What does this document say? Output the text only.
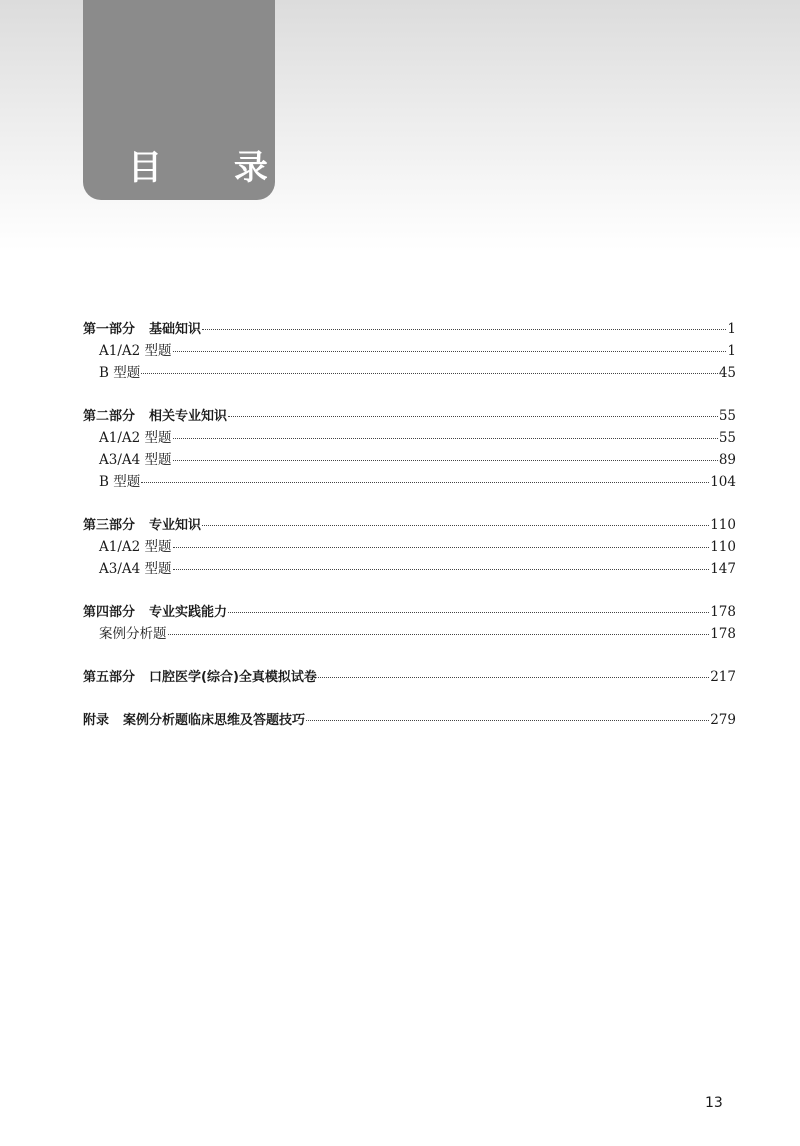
目 录
第一部分 基础知识	1
A1/A2 型题	1
B 型题	45
第二部分 相关专业知识	55
A1/A2 型题	55
A3/A4 型题	89
B 型题	104
第三部分 专业知识	110
A1/A2 型题	110
A3/A4 型题	147
第四部分 专业实践能力	178
案例分析题	178
第五部分 口腔医学(综合)全真模拟试卷	217
附录 案例分析题临床思维及答题技巧	279
13
